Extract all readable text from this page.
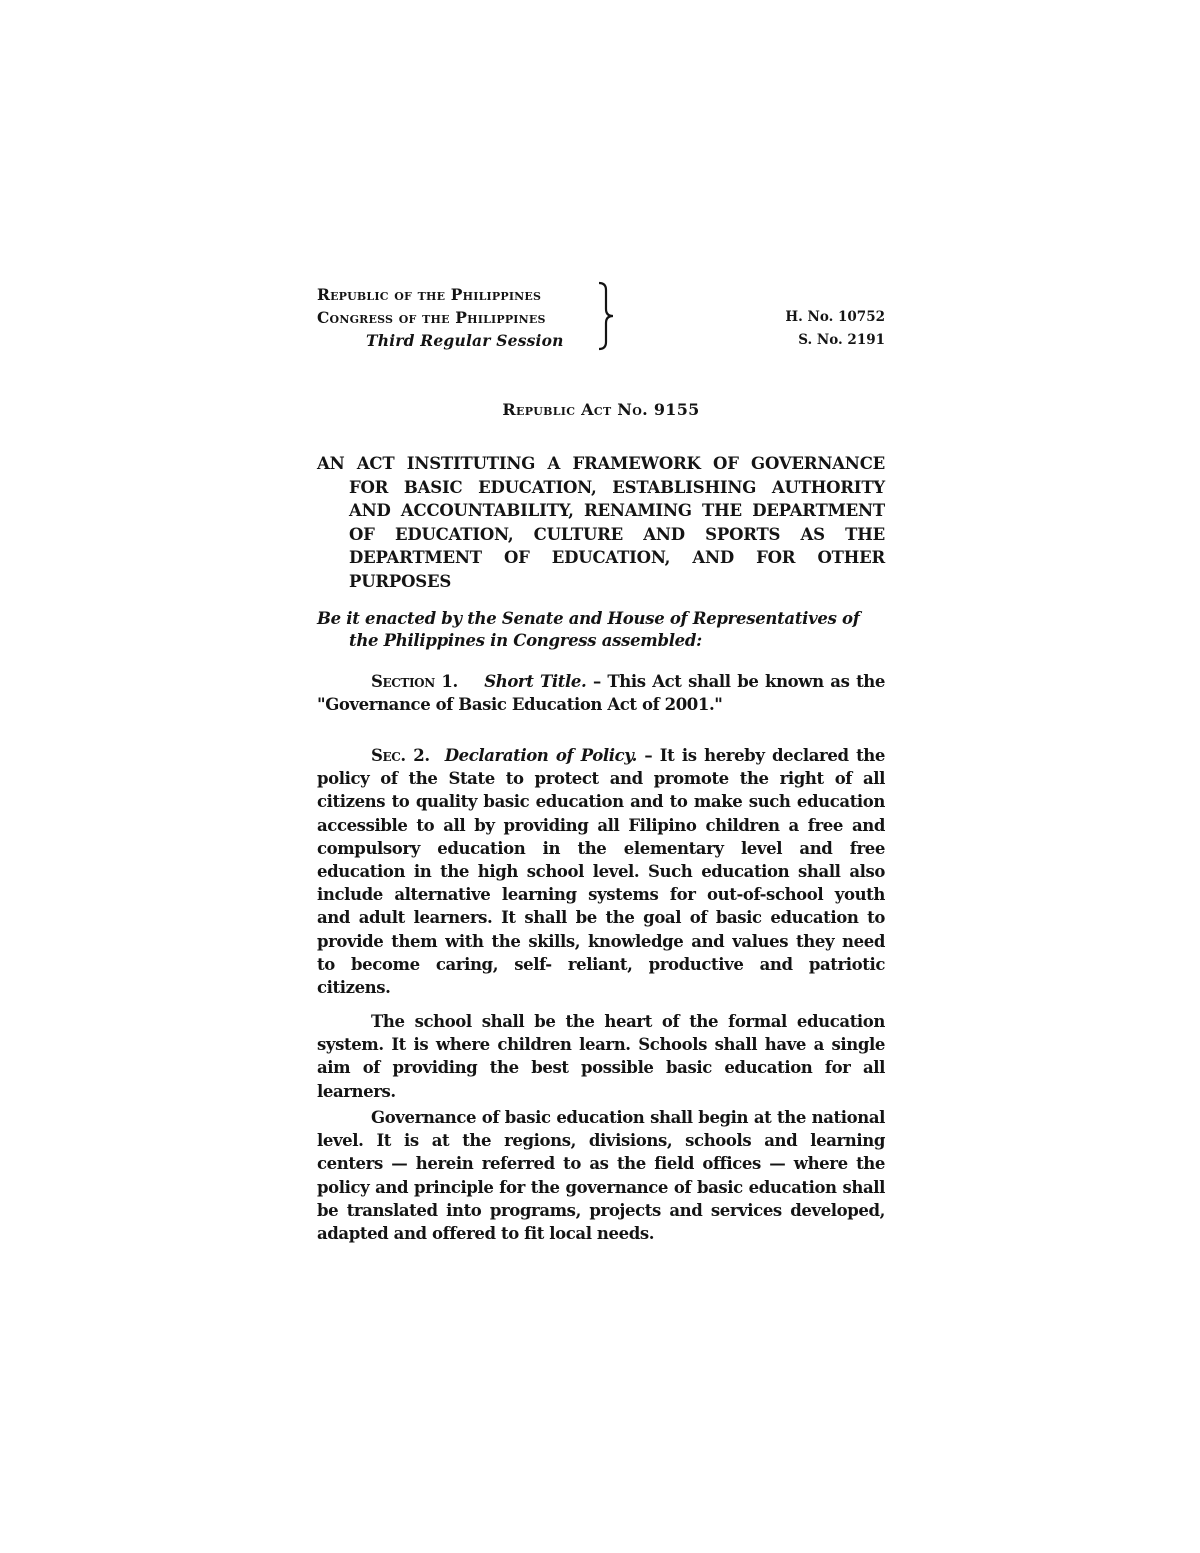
Republic of the Philippines
Congress of the Philippines
Third Regular Session
H. No. 10752
S. No. 2191
Republic Act No. 9155
AN ACT INSTITUTING A FRAMEWORK OF GOVERNANCE FOR BASIC EDUCATION, ESTABLISHING AUTHORITY AND ACCOUNTABILITY, RENAMING THE DEPARTMENT OF EDUCATION, CULTURE AND SPORTS AS THE DEPARTMENT OF EDUCATION, AND FOR OTHER PURPOSES
Be it enacted by the Senate and House of Representatives of the Philippines in Congress assembled:
Section 1. Short Title. – This Act shall be known as the "Governance of Basic Education Act of 2001."
Sec. 2. Declaration of Policy. – It is hereby declared the policy of the State to protect and promote the right of all citizens to quality basic education and to make such education accessible to all by providing all Filipino children a free and compulsory education in the elementary level and free education in the high school level. Such education shall also include alternative learning systems for out-of-school youth and adult learners. It shall be the goal of basic education to provide them with the skills, knowledge and values they need to become caring, self- reliant, productive and patriotic citizens.
The school shall be the heart of the formal education system. It is where children learn. Schools shall have a single aim of providing the best possible basic education for all learners.
Governance of basic education shall begin at the national level. It is at the regions, divisions, schools and learning centers — herein referred to as the field offices — where the policy and principle for the governance of basic education shall be translated into programs, projects and services developed, adapted and offered to fit local needs.
